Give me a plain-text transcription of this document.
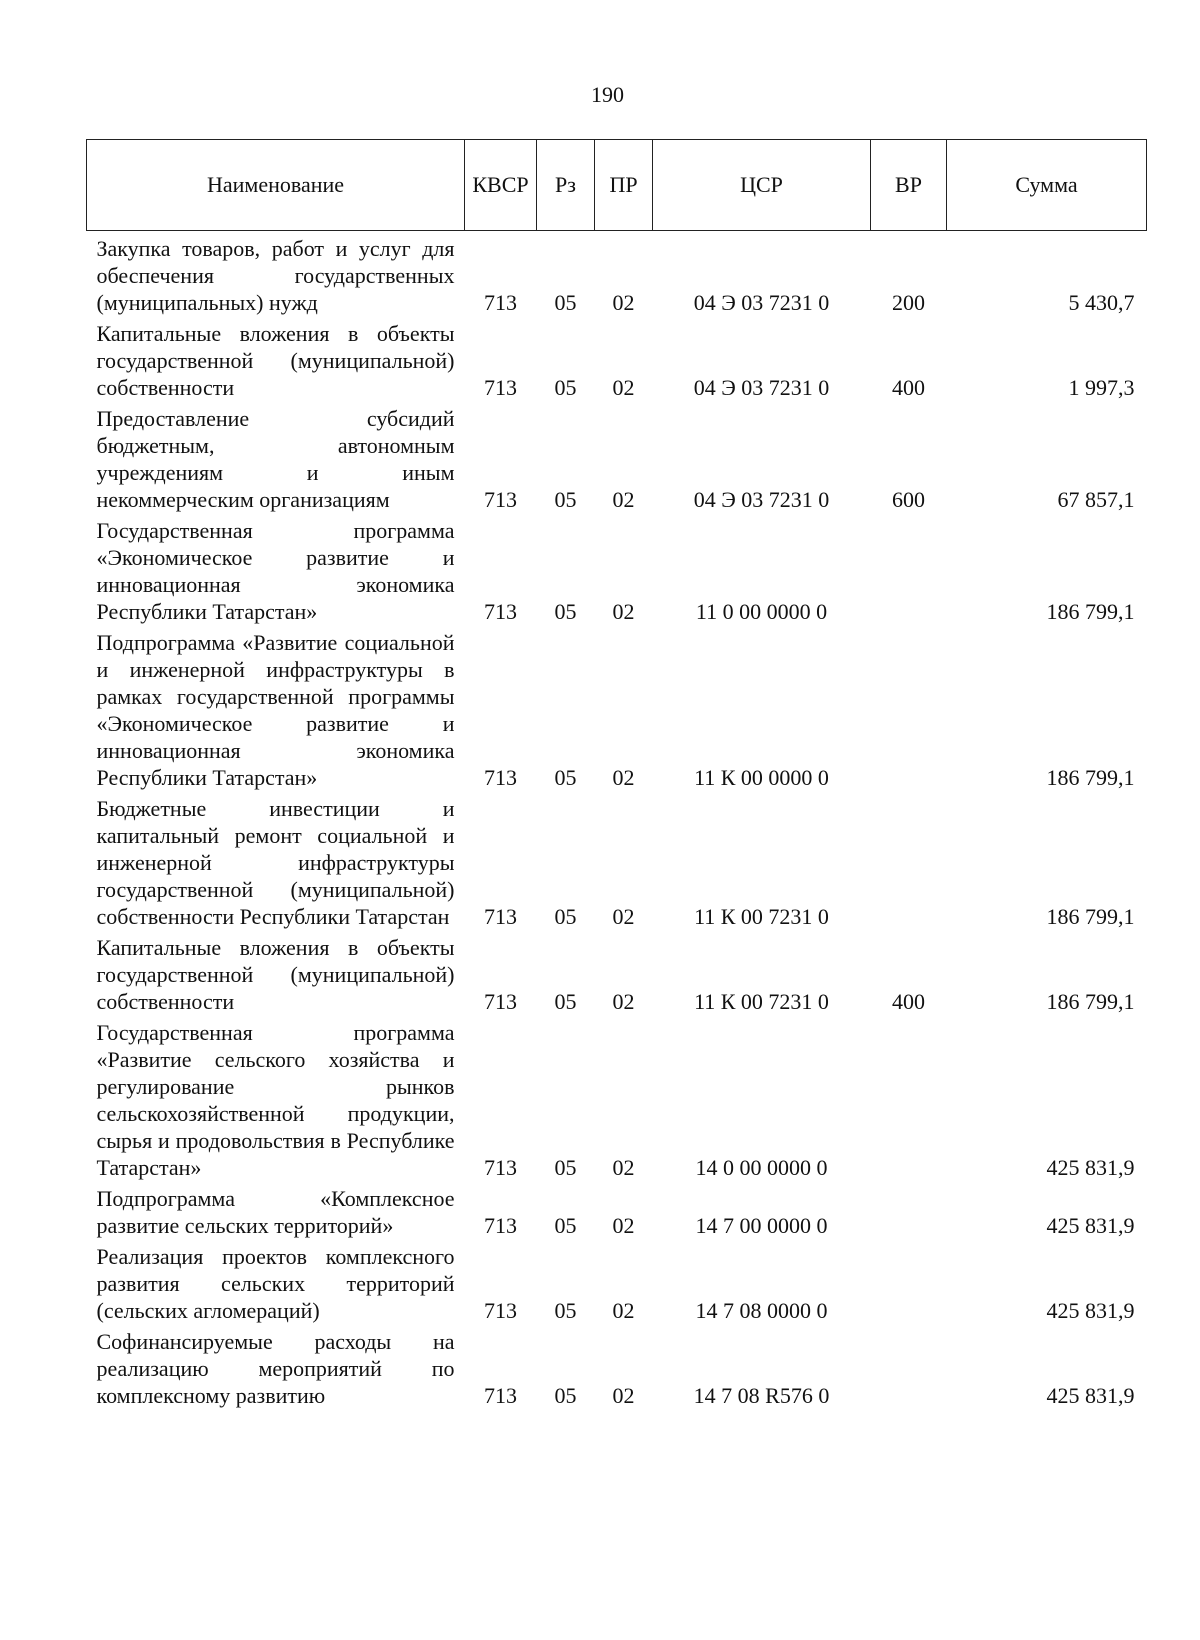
190
Наименование	КВСР	Рз	ПР	ЦСР	ВР	Сумма
Закупка товаров, работ и услуг для обеспечения государственных (муниципальных) нужд	713	05	02	04 Э 03 7231 0	200	5 430,7
Капитальные вложения в объекты государственной (муниципальной) собственности	713	05	02	04 Э 03 7231 0	400	1 997,3
Предоставление субсидий бюджетным, автономным учреждениям и иным некоммерческим организациям	713	05	02	04 Э 03 7231 0	600	67 857,1
Государственная программа «Экономическое развитие и инновационная экономика Республики Татарстан»	713	05	02	11 0 00 0000 0		186 799,1
Подпрограмма «Развитие социальной и инженерной инфраструктуры в рамках государственной программы «Экономическое развитие и инновационная экономика Республики Татарстан»	713	05	02	11 К 00 0000 0		186 799,1
Бюджетные инвестиции и капитальный ремонт социальной и инженерной инфраструктуры государственной (муниципальной) собственности Республики Татарстан	713	05	02	11 К 00 7231 0		186 799,1
Капитальные вложения в объекты государственной (муниципальной) собственности	713	05	02	11 К 00 7231 0	400	186 799,1
Государственная программа «Развитие сельского хозяйства и регулирование рынков сельскохозяйственной продукции, сырья и продовольствия в Республике Татарстан»	713	05	02	14 0 00 0000 0		425 831,9
Подпрограмма «Комплексное развитие сельских территорий»	713	05	02	14 7 00 0000 0		425 831,9
Реализация проектов комплексного развития сельских территорий (сельских агломераций)	713	05	02	14 7 08 0000 0		425 831,9
Софинансируемые расходы на реализацию мероприятий по комплексному развитию	713	05	02	14 7 08 R576 0		425 831,9
